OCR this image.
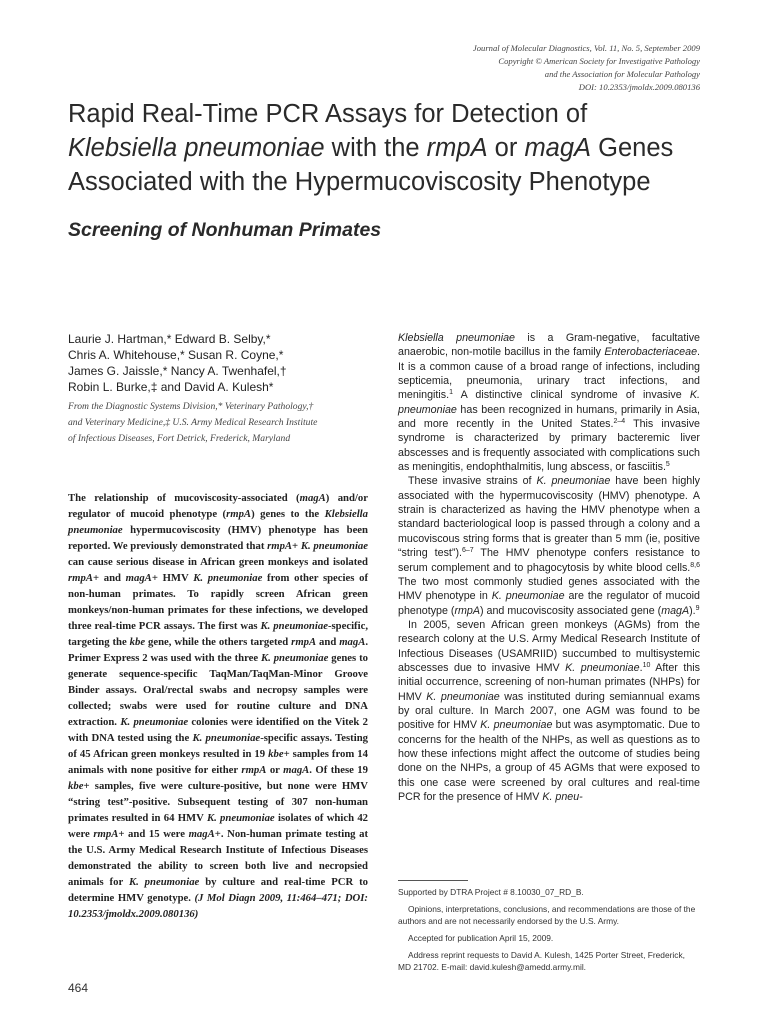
Journal of Molecular Diagnostics, Vol. 11, No. 5, September 2009
Copyright © American Society for Investigative Pathology
and the Association for Molecular Pathology
DOI: 10.2353/jmoldx.2009.080136
Rapid Real-Time PCR Assays for Detection of
Klebsiella pneumoniae with the rmpA or magA Genes Associated with the Hypermucoviscosity Phenotype
Screening of Nonhuman Primates
Laurie J. Hartman,* Edward B. Selby,*
Chris A. Whitehouse,* Susan R. Coyne,*
James G. Jaissle,* Nancy A. Twenhafel,†
Robin L. Burke,‡ and David A. Kulesh*
From the Diagnostic Systems Division,* Veterinary Pathology,†
and Veterinary Medicine,‡ U.S. Army Medical Research Institute
of Infectious Diseases, Fort Detrick, Frederick, Maryland

The relationship of mucoviscosity-associated (magA) and/or regulator of mucoid phenotype (rmpA) genes to the Klebsiella pneumoniae hypermucoviscosity (HMV) phenotype has been reported. We previously demonstrated that rmpA+ K. pneumoniae can cause serious disease in African green monkeys and isolated rmpA+ and magA+ HMV K. pneumoniae from other species of non-human primates. To rapidly screen African green monkeys/non-human primates for these infections, we developed three real-time PCR assays. The first was K. pneumoniae-specific, targeting the kbe gene, while the others targeted rmpA and magA. Primer Express 2 was used with the three K. pneumoniae genes to generate sequence-specific TaqMan/TaqMan-Minor Groove Binder assays. Oral/rectal swabs and necropsy samples were collected; swabs were used for routine culture and DNA extraction. K. pneumoniae colonies were identified on the Vitek 2 with DNA tested using the K. pneumoniae-specific assays. Testing of 45 African green monkeys resulted in 19 kbe+ samples from 14 animals with none positive for either rmpA or magA. Of these 19 kbe+ samples, five were culture-positive, but none were HMV “string test”-positive. Subsequent testing of 307 non-human primates resulted in 64 HMV K. pneumoniae isolates of which 42 were rmpA+ and 15 were magA+. Non-human primate testing at the U.S. Army Medical Research Institute of Infectious Diseases demonstrated the ability to screen both live and necropsied animals for K. pneumoniae by culture and real-time PCR to determine HMV genotype. (J Mol Diagn 2009, 11:464–471; DOI: 10.2353/jmoldx.2009.080136)

464

Klebsiella pneumoniae is a Gram-negative, facultative anaerobic, non-motile bacillus in the family Enterobacteriaceae. It is a common cause of a broad range of infections, including septicemia, pneumonia, urinary tract infections, and meningitis.$^1$ A distinctive clinical syndrome of invasive K. pneumoniae has been recognized in humans, primarily in Asia, and more recently in the United States.$^{2-4}$ This invasive syndrome is characterized by primary bacteremic liver abscesses and is frequently associated with complications such as meningitis, endophthalmitis, lung abscess, or fasciitis.$^5$

These invasive strains of K. pneumoniae have been highly associated with the hypermucoviscosity (HMV) phenotype. A strain is characterized as having the HMV phenotype when a standard bacteriological loop is passed through a colony and a mucoviscous string forms that is greater than 5 mm (ie, positive “string test”).$^{6-7}$ The HMV phenotype confers resistance to serum complement and to phagocytosis by white blood cells.$^{8,6}$ The two most commonly studied genes associated with the HMV phenotype in K. pneumoniae are the regulator of mucoid phenotype (rmpA) and mucoviscosity associated gene (magA).$^9$

In 2005, seven African green monkeys (AGMs) from the research colony at the U.S. Army Medical Research Institute of Infectious Diseases (USAMRIID) succumbed to multisystemic abscesses due to invasive HMV K. pneumoniae.$^{10}$ After this initial occurrence, screening of non-human primates (NHPs) for HMV K. pneumoniae was instituted during semiannual exams by oral culture. In March 2007, one AGM was found to be positive for HMV K. pneumoniae but was asymptomatic. Due to concerns for the health of the NHPs, as well as questions as to how these infections might affect the outcome of studies being done on the NHPs, a group of 45 AGMs that were exposed to this one case were screened by oral cultures and real-time PCR for the presence of HMV K. pneu-

Supported by DTRA Project # 8.10030_07_RD_B.

Opinions, interpretations, conclusions, and recommendations are those of the authors and are not necessarily endorsed by the U.S. Army.

Accepted for publication April 15, 2009.

Address reprint requests to David A. Kulesh, 1425 Porter Street, Frederick, MD 21702. E-mail: david.kulesh@amedd.army.mil.
